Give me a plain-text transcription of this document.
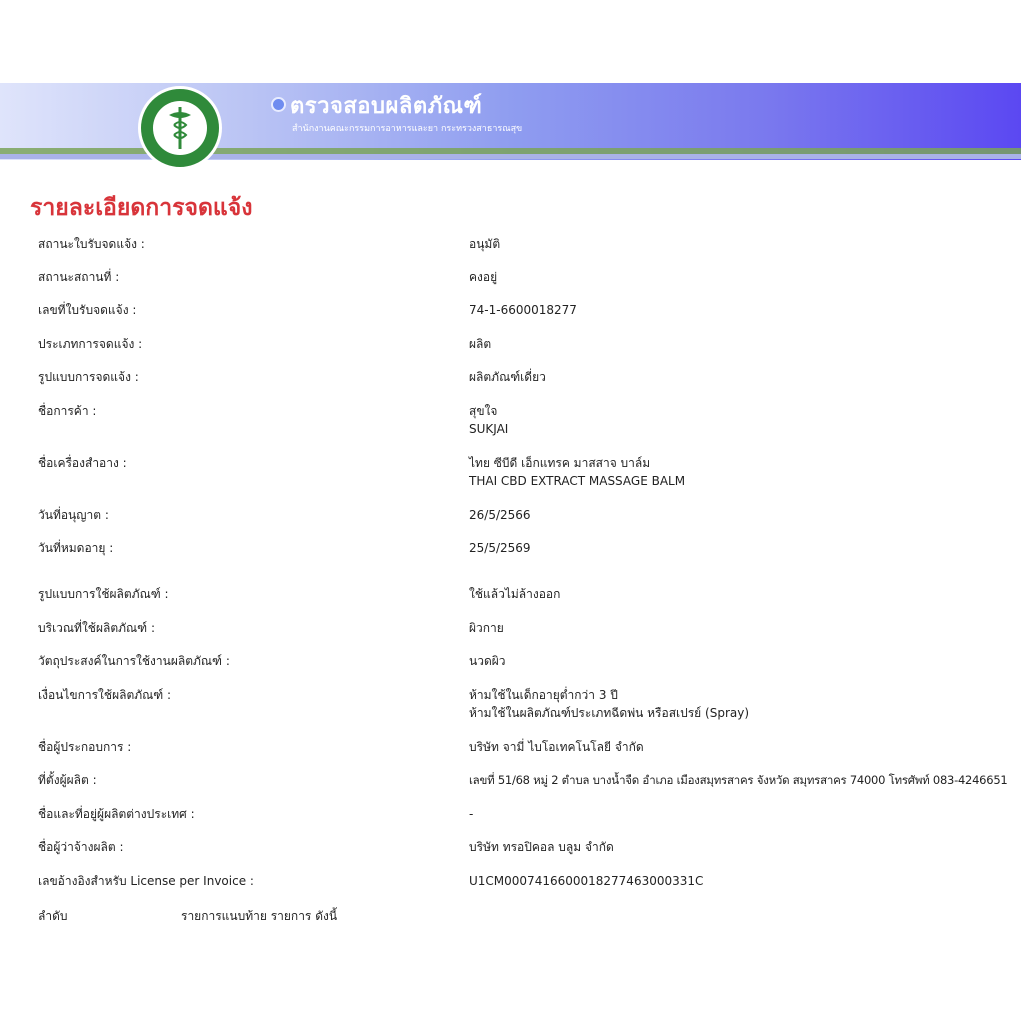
ตรวจสอบผลิตภัณฑ์
สำนักงานคณะกรรมการอาหารและยา กระทรวงสาธารณสุข
รายละเอียดการจดแจ้ง
สถานะใบรับจดแจ้ง :	อนุมัติ
สถานะสถานที่ :	คงอยู่
เลขที่ใบรับจดแจ้ง :	74-1-6600018277
ประเภทการจดแจ้ง :	ผลิต
รูปแบบการจดแจ้ง :	ผลิตภัณฑ์เดี่ยว
ชื่อการค้า :	สุขใจ
SUKJAI
ชื่อเครื่องสำอาง :	ไทย ซีบีดี เอ็กแทรค มาสสาจ บาล์ม
THAI CBD EXTRACT MASSAGE BALM
วันที่อนุญาต :	26/5/2566
วันที่หมดอายุ :	25/5/2569
รูปแบบการใช้ผลิตภัณฑ์ :	ใช้แล้วไม่ล้างออก
บริเวณที่ใช้ผลิตภัณฑ์ :	ผิวกาย
วัตถุประสงค์ในการใช้งานผลิตภัณฑ์ :	นวดผิว
เงื่อนไขการใช้ผลิตภัณฑ์ :	ห้ามใช้ในเด็กอายุต่ำกว่า 3 ปี
ห้ามใช้ในผลิตภัณฑ์ประเภทฉีดพ่น หรือสเปรย์ (Spray)
ชื่อผู้ประกอบการ :	บริษัท จามี่ ไบโอเทคโนโลยี จำกัด
ที่ตั้งผู้ผลิต :	เลขที่ 51/68 หมู่ 2 ตำบล บางน้ำจืด อำเภอ เมืองสมุทรสาคร จังหวัด สมุทรสาคร 74000 โทรศัพท์ 083-4246651
ชื่อและที่อยู่ผู้ผลิตต่างประเทศ :	-
ชื่อผู้ว่าจ้างผลิต :	บริษัท ทรอปิคอล บลูม จำกัด
เลขอ้างอิงสำหรับ License per Invoice :	U1CM0007416600018277463000331C
ลำดับ	รายการแนบท้าย รายการ ดังนี้
